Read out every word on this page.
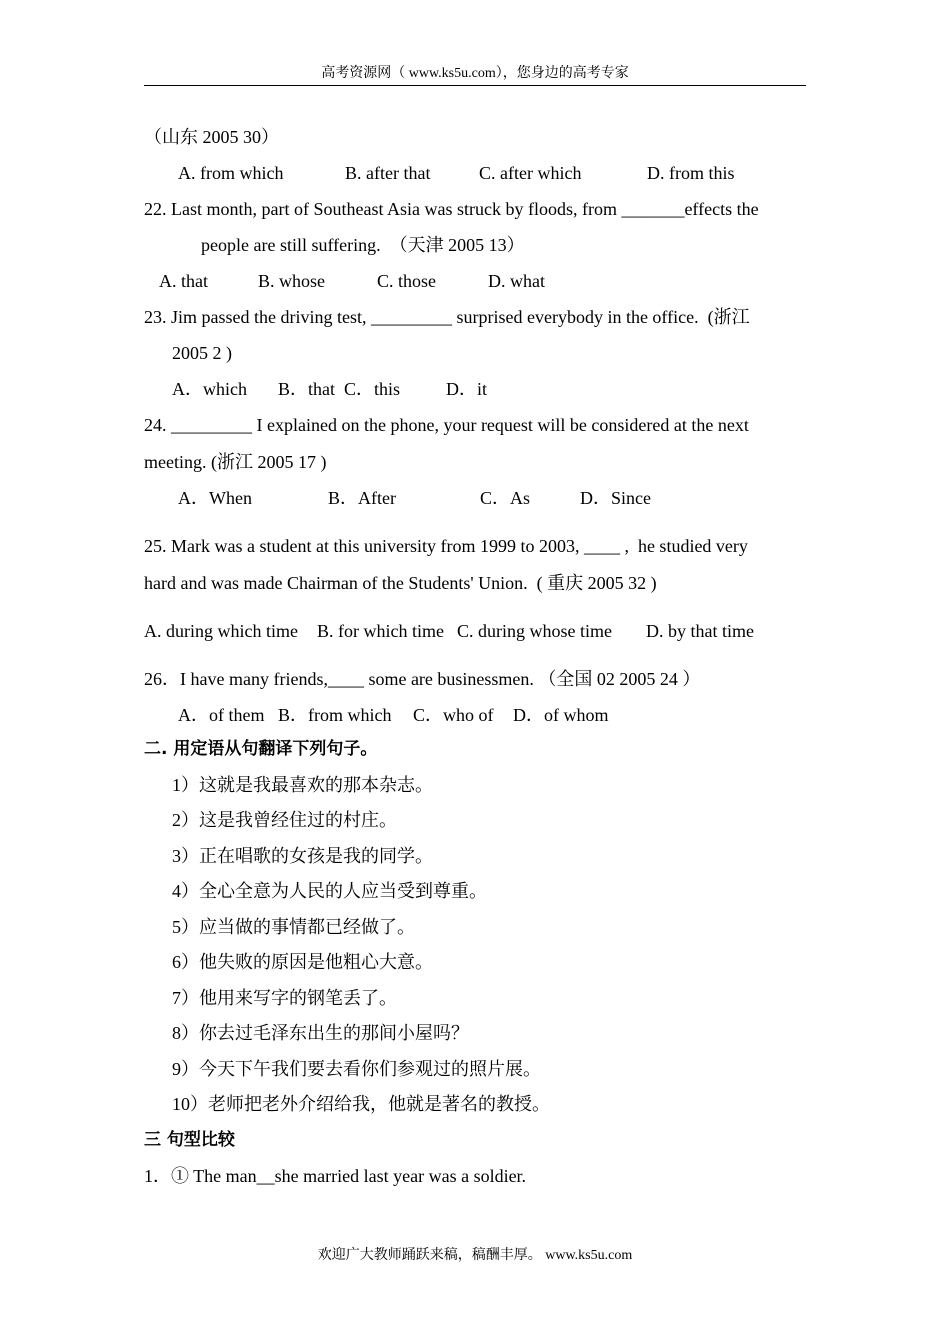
高考资源网（ www.ks5u.com），您身边的高考专家
（山东 2005 30）
A. from which	B. after that	C. after which	D. from this
22. Last month, part of Southeast Asia was struck by floods, from _______effects the
people are still suffering.  （天津 2005 13）
A. that	B. whose	C. those	D. what
23. Jim passed the driving test, _________ surprised everybody in the office.  (浙江
2005 2 )
A．which B．that C．this	D．it
24. _________ I explained on the phone, your request will be considered at the next
meeting. (浙江 2005 17 )
A．When	B．After	C．As	D．Since
25. Mark was a student at this university from 1999 to 2003, ____ ,  he studied very
hard and was made Chairman of the Students' Union.  ( 重庆 2005 32 )
A. during which time B. for which time C. during whose time D. by that time
26．I have many friends,____ some are businessmen. （全国 02 2005 24 ）
A．of them B．from which C．who of D．of whom
二. 用定语从句翻译下列句子。
1）这就是我最喜欢的那本杂志。
2）这是我曾经住过的村庄。
3）正在唱歌的女孩是我的同学。
4）全心全意为人民的人应当受到尊重。
5）应当做的事情都已经做了。
6）他失败的原因是他粗心大意。
7）他用来写字的钢笔丢了。
8）你去过毛泽东出生的那间小屋吗？
9）今天下午我们要去看你们参观过的照片展。
10）老师把老外介绍给我，他就是著名的教授。
三 句型比较
1．① The man__she married last year was a soldier.
欢迎广大教师踊跃来稿，稿酬丰厚。 www.ks5u.com
